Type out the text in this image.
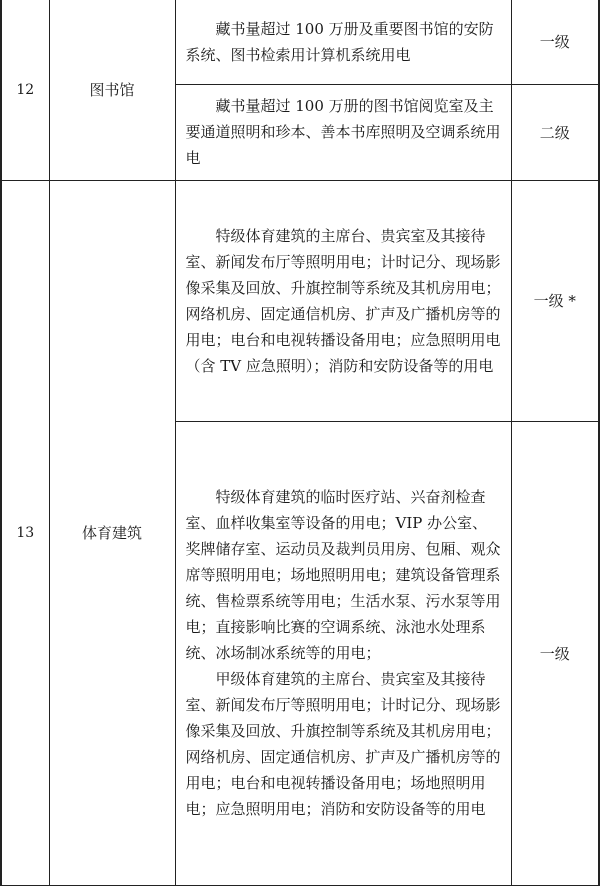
12	图书馆	藏书量超过 100 万册及重要图书馆的安防系统、图书检索用计算机系统用电	一级

		藏书量超过 100 万册的图书馆阅览室及主要通道照明和珍本、善本书库照明及空调系统用电	二级
13	体育建筑	特级体育建筑的主席台、贵宾室及其接待室、新闻发布厅等照明用电；计时记分、现场影像采集及回放、升旗控制等系统及其机房用电；网络机房、固定通信机房、扩声及广播机房等的用电；电台和电视转播设备用电；应急照明用电（含 TV 应急照明）；消防和安防设备等的用电	一级 *

		特级体育建筑的临时医疗站、兴奋剂检查室、血样收集室等设备的用电；VIP 办公室、奖牌储存室、运动员及裁判员用房、包厢、观众席等照明用电；场地照明用电；建筑设备管理系统、售检票系统等用电；生活水泵、污水泵等用电；直接影响比赛的空调系统、泳池水处理系统、冰场制冰系统等的用电；

甲级体育建筑的主席台、贵宾室及其接待室、新闻发布厅等照明用电；计时记分、现场影像采集及回放、升旗控制等系统及其机房用电；网络机房、固定通信机房、扩声及广播机房等的用电；电台和电视转播设备用电；场地照明用电；应急照明用电；消防和安防设备等的用电	一级
